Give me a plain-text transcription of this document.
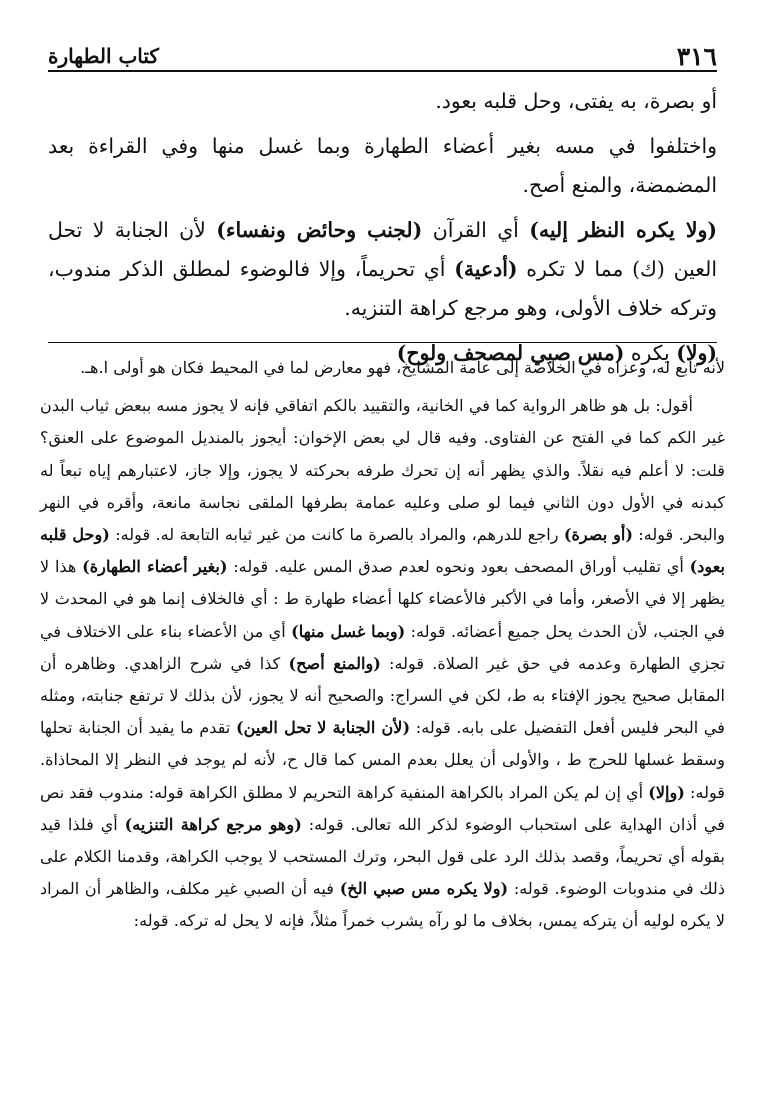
٣١٦
كتاب الطهارة

أو بصرة، به يفتى، وحل قلبه بعود.

واختلفوا في مسه بغير أعضاء الطهارة وبما غسل منها وفي القراءة بعد المضمضة، والمنع أصح.

(ولا يكره النظر إليه) أي القرآن (لجنب وحائض ونفساء) لأن الجنابة لا تحل العين (ك) مما لا تكره (أدعية) أي تحريماً، وإلا فالوضوء لمطلق الذكر مندوب، وتركه خلاف الأولى، وهو مرجع كراهة التنزيه.

(ولا) يكره (مس صبي لمصحف ولوح)

لأنه تابع له، وعزاه في الخلاصة إلى عامة المشايخ، فهو معارض لما في المحيط فكان هو أولى ا.هـ.

أقول: بل هو ظاهر الرواية كما في الخانية، والتقييد بالكم اتفاقي فإنه لا يجوز مسه ببعض ثياب البدن غير الكم كما في الفتح عن الفتاوى. وفيه قال لي بعض الإخوان: أيجوز بالمنديل الموضوع على العنق؟ قلت: لا أعلم فيه نقلاً. والذي يظهر أنه إن تحرك طرفه بحركته لا يجوز، وإلا جاز، لاعتبارهم إياه تبعاً له كبدنه في الأول دون الثاني فيما لو صلى وعليه عمامة بطرفها الملقى نجاسة مانعة، وأقره في النهر والبحر. قوله: (أو بصرة) راجع للدرهم، والمراد بالصرة ما كانت من غير ثيابه التابعة له. قوله: (وحل قلبه بعود) أي تقليب أوراق المصحف بعود ونحوه لعدم صدق المس عليه. قوله: (بغير أعضاء الطهارة) هذا لا يظهر إلا في الأصغر، وأما في الأكبر فالأعضاء كلها أعضاء طهارة ط : أي فالخلاف إنما هو في المحدث لا في الجنب، لأن الحدث يحل جميع أعضائه. قوله: (وبما غسل منها) أي من الأعضاء بناء على الاختلاف في تجزي الطهارة وعدمه في حق غير الصلاة. قوله: (والمنع أصح) كذا في شرح الزاهدي. وظاهره أن المقابل صحيح يجوز الإفتاء به ط، لكن في السراج: والصحيح أنه لا يجوز، لأن بذلك لا ترتفع جنابته، ومثله في البحر فليس أفعل التفضيل على بابه. قوله: (لأن الجنابة لا تحل العين) تقدم ما يفيد أن الجنابة تحلها وسقط غسلها للحرج ط ، والأولى أن يعلل بعدم المس كما قال ح، لأنه لم يوجد في النظر إلا المحاذاة. قوله: (وإلا) أي إن لم يكن المراد بالكراهة المنفية كراهة التحريم لا مطلق الكراهة قوله: مندوب فقد نص في أذان الهداية على استحباب الوضوء لذكر الله تعالى. قوله: (وهو مرجع كراهة التنزيه) أي فلذا قيد بقوله أي تحريماً، وقصد بذلك الرد على قول البحر، وترك المستحب لا يوجب الكراهة، وقدمنا الكلام على ذلك في مندوبات الوضوء. قوله: (ولا يكره مس صبي الخ) فيه أن الصبي غير مكلف، والظاهر أن المراد لا يكره لوليه أن يتركه يمس، بخلاف ما لو رآه يشرب خمراً مثلاً، فإنه لا يحل له تركه. قوله:
